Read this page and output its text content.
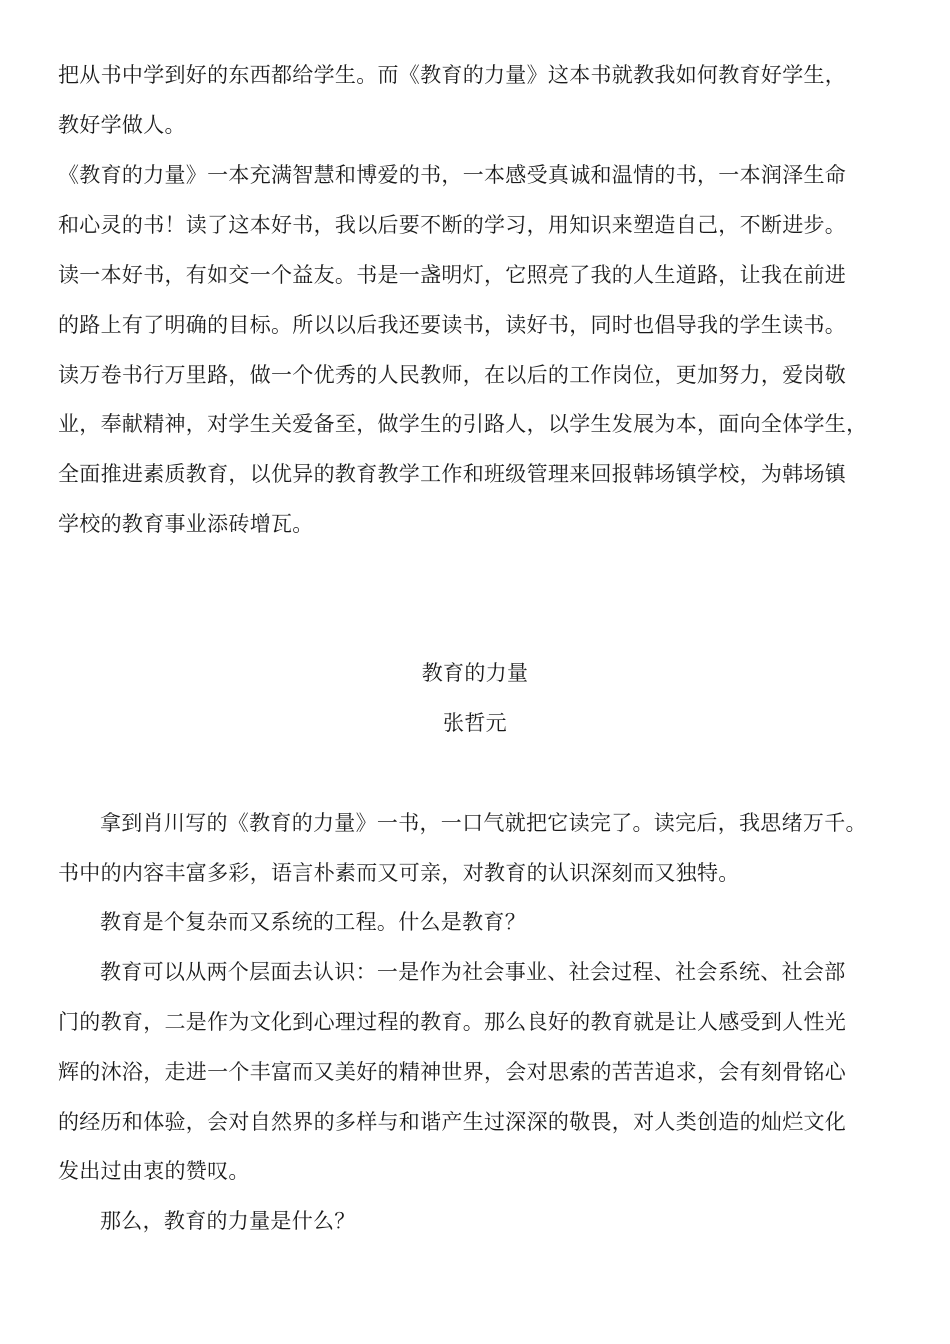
把从书中学到好的东西都给学生。而《教育的力量》这本书就教我如何教育好学生，
教好学做人。
《教育的力量》一本充满智慧和博爱的书，一本感受真诚和温情的书，一本润泽生命
和心灵的书！读了这本好书，我以后要不断的学习，用知识来塑造自己，不断进步。
读一本好书，有如交一个益友。书是一盏明灯，它照亮了我的人生道路，让我在前进
的路上有了明确的目标。所以以后我还要读书，读好书，同时也倡导我的学生读书。
读万卷书行万里路，做一个优秀的人民教师，在以后的工作岗位，更加努力，爱岗敬
业，奉献精神，对学生关爱备至，做学生的引路人，以学生发展为本，面向全体学生，
全面推进素质教育，以优异的教育教学工作和班级管理来回报韩场镇学校，为韩场镇
学校的教育事业添砖增瓦。
教育的力量
张哲元
拿到肖川写的《教育的力量》一书，一口气就把它读完了。读完后，我思绪万千。
书中的内容丰富多彩，语言朴素而又可亲，对教育的认识深刻而又独特。
教育是个复杂而又系统的工程。什么是教育？
教育可以从两个层面去认识：一是作为社会事业、社会过程、社会系统、社会部
门的教育，二是作为文化到心理过程的教育。那么良好的教育就是让人感受到人性光
辉的沐浴，走进一个丰富而又美好的精神世界，会对思索的苦苦追求，会有刻骨铭心
的经历和体验，会对自然界的多样与和谐产生过深深的敬畏，对人类创造的灿烂文化
发出过由衷的赞叹。
那么，教育的力量是什么？
